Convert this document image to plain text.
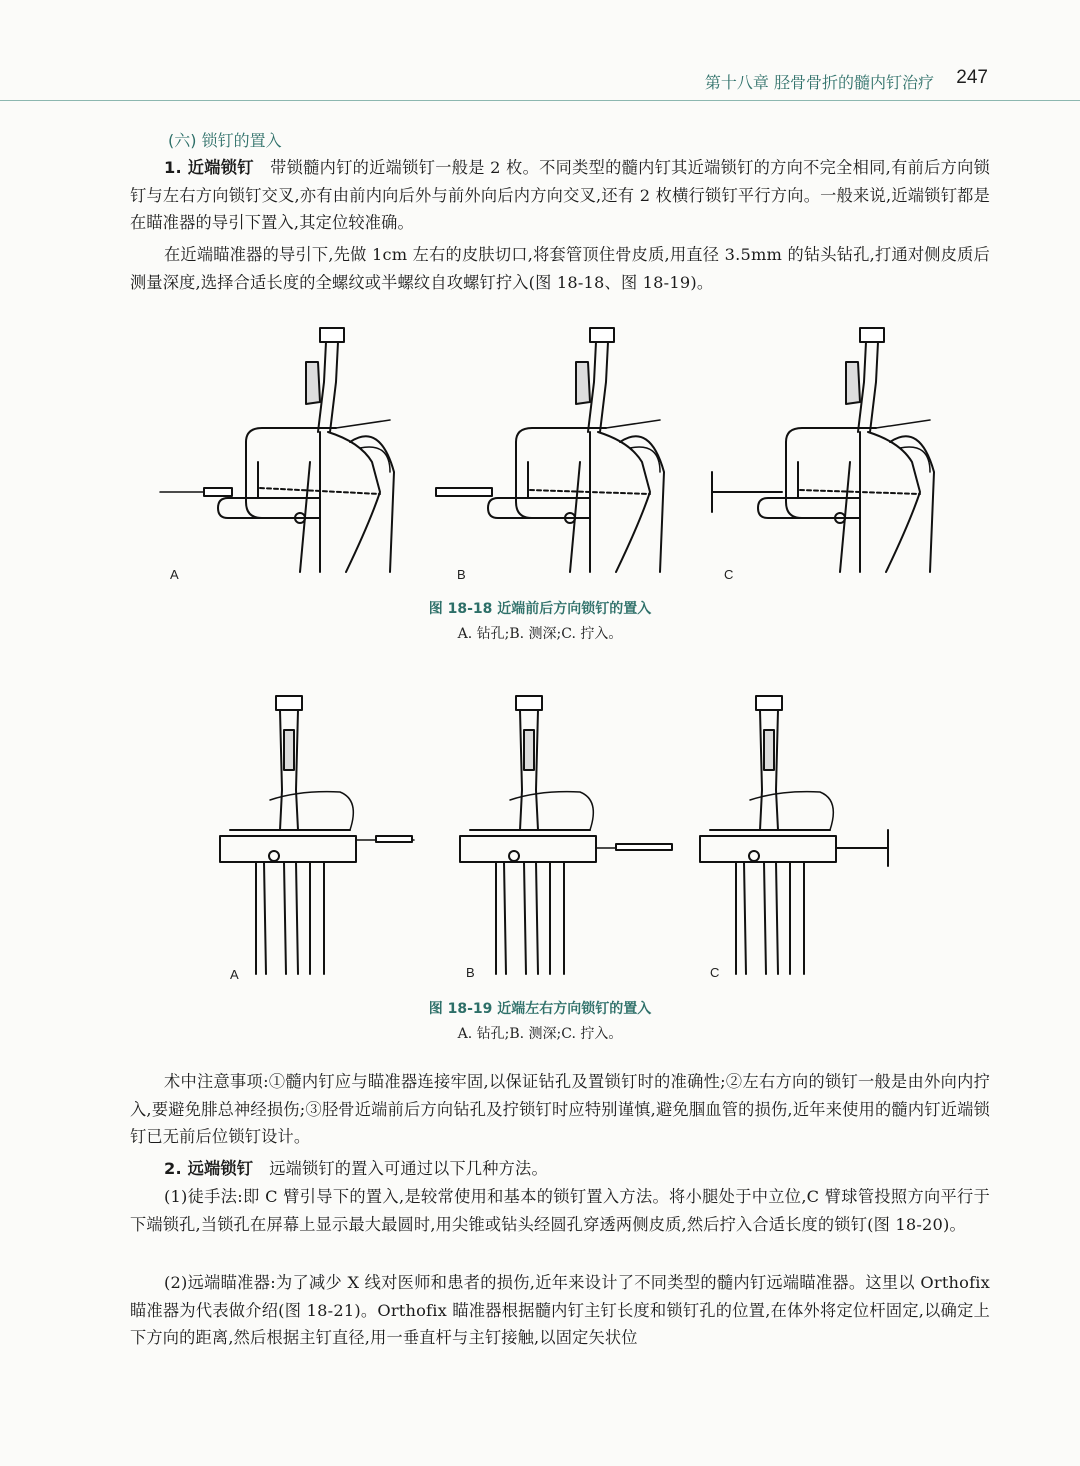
第十八章 胫骨骨折的髓内钉治疗 247
(六) 锁钉的置入
1. 近端锁钉 带锁髓内钉的近端锁钉一般是 2 枚。不同类型的髓内钉其近端锁钉的方向不完全相同,有前后方向锁钉与左右方向锁钉交叉,亦有由前内向后外与前外向后内方向交叉,还有 2 枚横行锁钉平行方向。一般来说,近端锁钉都是在瞄准器的导引下置入,其定位较准确。
在近端瞄准器的导引下,先做 1cm 左右的皮肤切口,将套管顶住骨皮质,用直径 3.5mm 的钻头钻孔,打通对侧皮质后测量深度,选择合适长度的全螺纹或半螺纹自攻螺钉拧入(图 18-18、图 18-19)。
A	B	C
图 18-18 近端前后方向锁钉的置入
A. 钻孔;B. 测深;C. 拧入。
A	B	C
图 18-19 近端左右方向锁钉的置入
A. 钻孔;B. 测深;C. 拧入。
术中注意事项:①髓内钉应与瞄准器连接牢固,以保证钻孔及置锁钉时的准确性;②左右方向的锁钉一般是由外向内拧入,要避免腓总神经损伤;③胫骨近端前后方向钻孔及拧锁钉时应特别谨慎,避免腘血管的损伤,近年来使用的髓内钉近端锁钉已无前后位锁钉设计。
2. 远端锁钉 远端锁钉的置入可通过以下几种方法。
(1)徒手法:即 C 臂引导下的置入,是较常使用和基本的锁钉置入方法。将小腿处于中立位,C 臂球管投照方向平行于下端锁孔,当锁孔在屏幕上显示最大最圆时,用尖锥或钻头经圆孔穿透两侧皮质,然后拧入合适长度的锁钉(图 18-20)。
(2)远端瞄准器:为了减少 X 线对医师和患者的损伤,近年来设计了不同类型的髓内钉远端瞄准器。这里以 Orthofix 瞄准器为代表做介绍(图 18-21)。Orthofix 瞄准器根据髓内钉主钉长度和锁钉孔的位置,在体外将定位杆固定,以确定上下方向的距离,然后根据主钉直径,用一垂直杆与主钉接触,以固定矢状位
